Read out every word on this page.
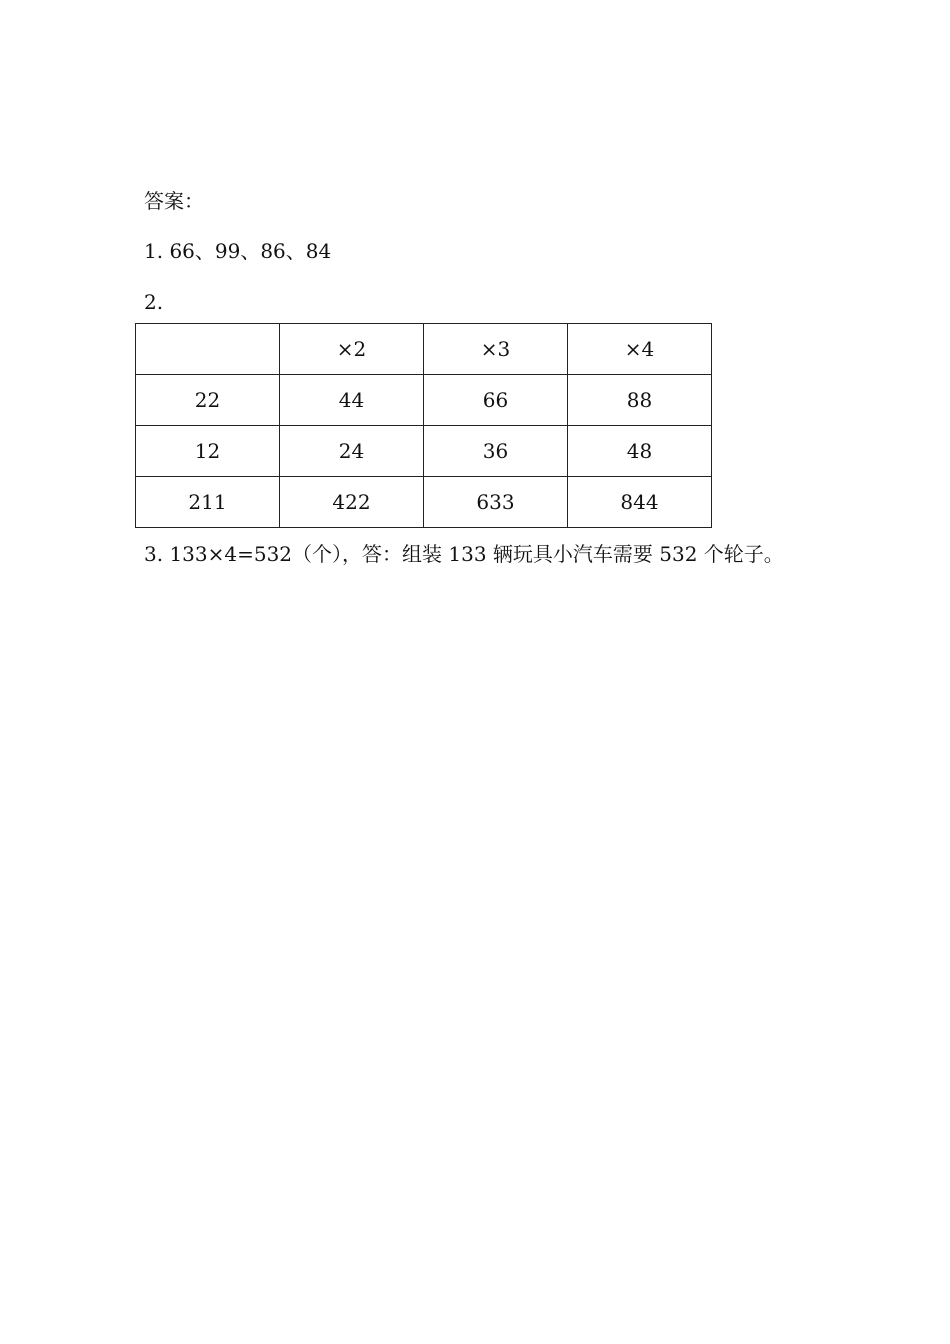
答案：
1. 66、99、86、84
2.
	×2	×3	×4
22	44	66	88
12	24	36	48
211	422	633	844
3. 133×4=532（个），答：组装 133 辆玩具小汽车需要 532 个轮子。
